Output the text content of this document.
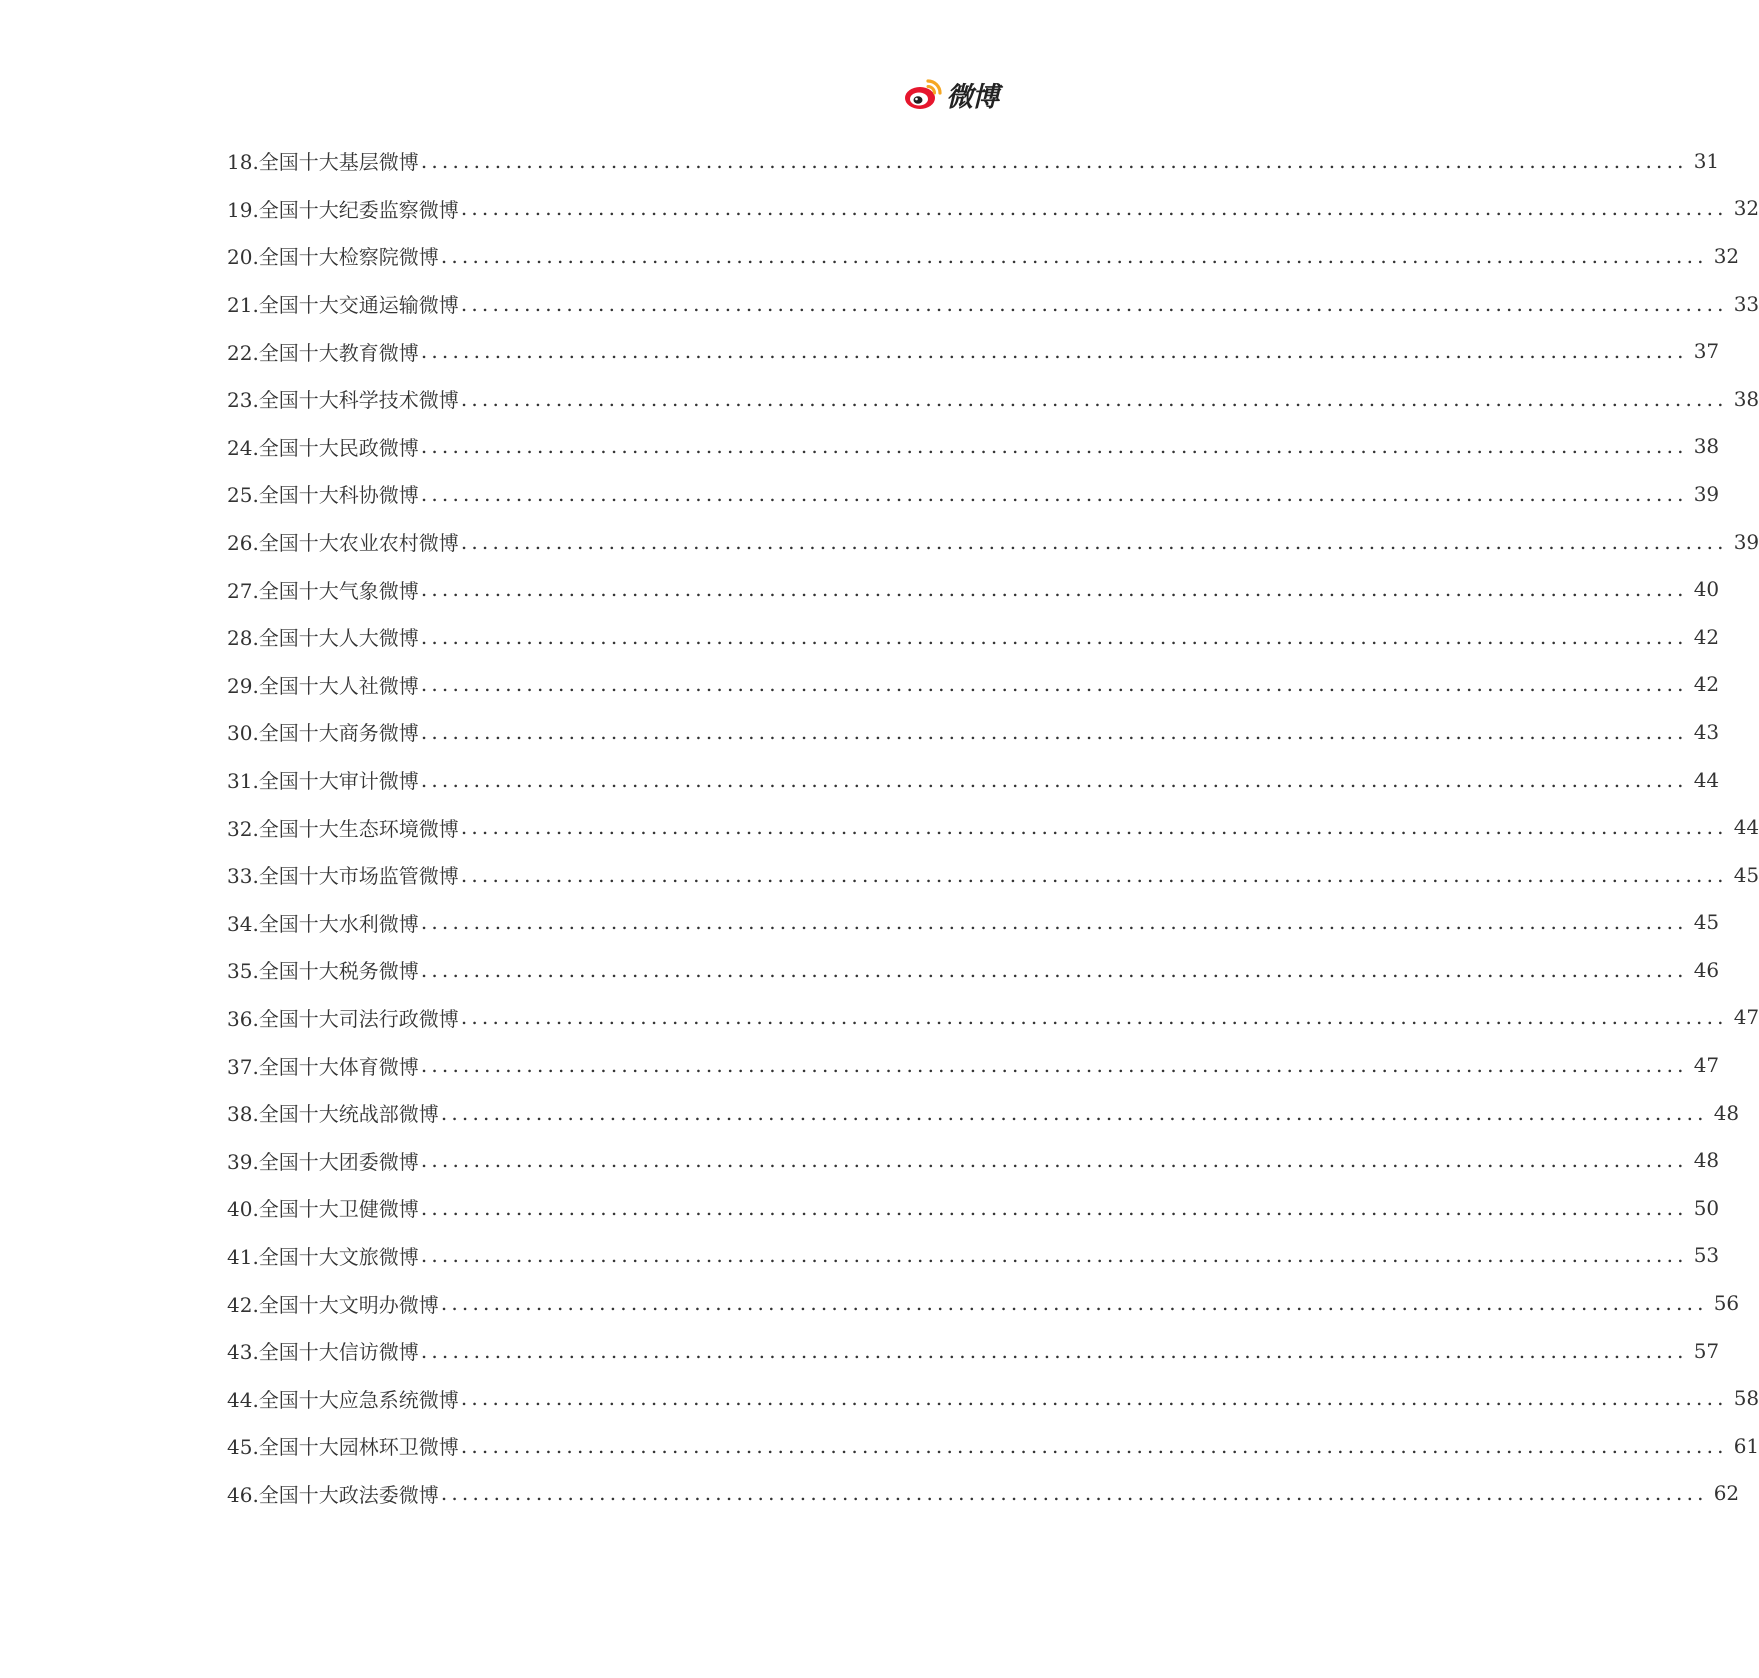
微博
18.全国十大基层微博 ........................................................................................................................ 31
19.全国十大纪委监察微博 ........................................................................................................................ 32
20.全国十大检察院微博 ........................................................................................................................ 32
21.全国十大交通运输微博 ........................................................................................................................ 33
22.全国十大教育微博 ........................................................................................................................ 37
23.全国十大科学技术微博 ........................................................................................................................ 38
24.全国十大民政微博 ........................................................................................................................ 38
25.全国十大科协微博 ........................................................................................................................ 39
26.全国十大农业农村微博 ........................................................................................................................ 39
27.全国十大气象微博 ........................................................................................................................ 40
28.全国十大人大微博 ........................................................................................................................ 42
29.全国十大人社微博 ........................................................................................................................ 42
30.全国十大商务微博 ........................................................................................................................ 43
31.全国十大审计微博 ........................................................................................................................ 44
32.全国十大生态环境微博 ........................................................................................................................ 44
33.全国十大市场监管微博 ........................................................................................................................ 45
34.全国十大水利微博 ........................................................................................................................ 45
35.全国十大税务微博 ........................................................................................................................ 46
36.全国十大司法行政微博 ........................................................................................................................ 47
37.全国十大体育微博 ........................................................................................................................ 47
38.全国十大统战部微博 ........................................................................................................................ 48
39.全国十大团委微博 ........................................................................................................................ 48
40.全国十大卫健微博 ........................................................................................................................ 50
41.全国十大文旅微博 ........................................................................................................................ 53
42.全国十大文明办微博 ........................................................................................................................ 56
43.全国十大信访微博 ........................................................................................................................ 57
44.全国十大应急系统微博 ........................................................................................................................ 58
45.全国十大园林环卫微博 ........................................................................................................................ 61
46.全国十大政法委微博 ........................................................................................................................ 62
